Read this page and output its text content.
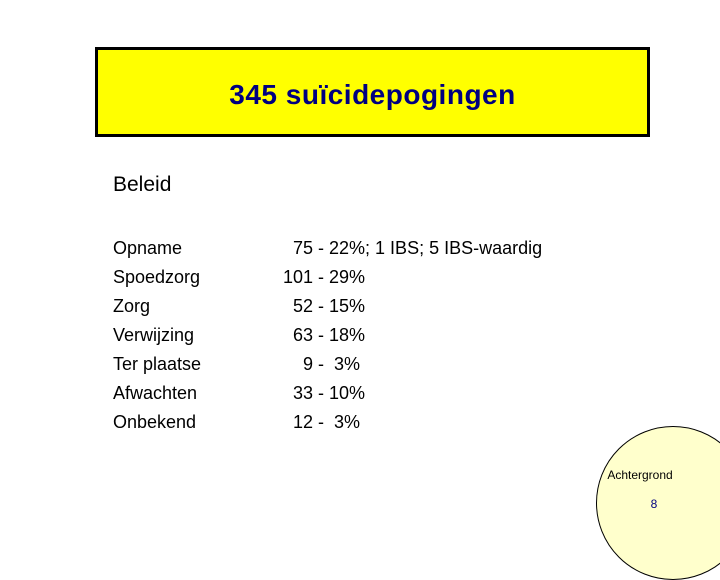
345 suïcidepogingen
Beleid
Opname	75 - 22%; 1 IBS; 5 IBS-waardig
Spoedzorg	101 - 29%
Zorg	52 - 15%
Verwijzing	63 - 18%
Ter plaatse	9 -  3%
Afwachten	33 - 10%
Onbekend	12 -  3%
Achtergrond
8
